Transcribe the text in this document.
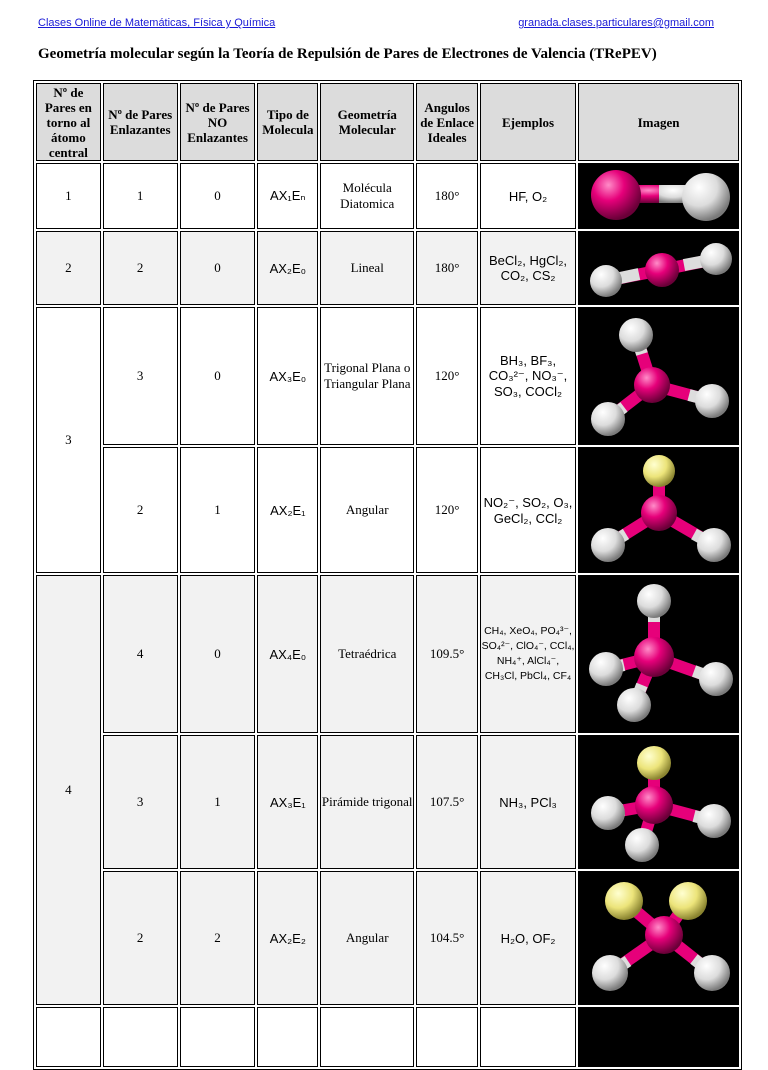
Clases Online de Matemáticas, Física y Química	granada.clases.particulares@gmail.com
Geometría molecular según la Teoría de Repulsión de Pares de Electrones de Valencia (TRePEV)
Nº de Pares en torno al átomo central	Nº de Pares Enlazantes	Nº de Pares NO Enlazantes	Tipo de Molecula	Geometría Molecular	Angulos de Enlace Ideales	Ejemplos	Imagen
1	1	0	AX₁Eₙ	Molécula Diatomica	180°	HF, O₂	

2	2	0	AX₂E₀	Lineal	180°	BeCl₂, HgCl₂, CO₂, CS₂	

3	3	0	AX₃E₀	Trigonal Plana o Triangular Plana	120°	BH₃, BF₃, CO₃²⁻, NO₃⁻, SO₃, COCl₂	

	2	1	AX₂E₁	Angular	120°	NO₂⁻, SO₂, O₃, GeCl₂, CCl₂	

4	4	0	AX₄E₀	Tetraédrica	109.5°	CH₄, XeO₄, PO₄³⁻, SO₄²⁻, ClO₄⁻, CCl₄, NH₄⁺, AlCl₄⁻, CH₃Cl, PbCl₄, CF₄	

	3	1	AX₃E₁	Pirámide trigonal	107.5°	NH₃, PCl₃	

	2	2	AX₂E₂	Angular	104.5°	H₂O, OF₂	
